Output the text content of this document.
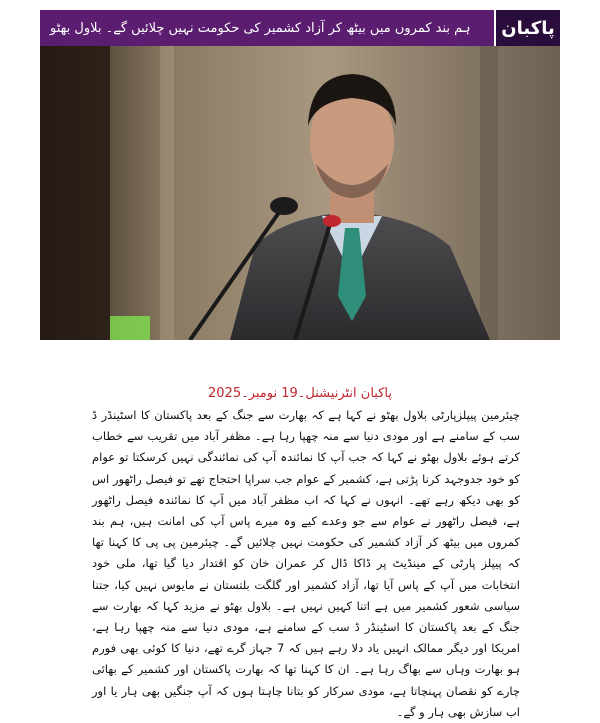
ہم بند کمروں میں بیٹھ کر آزاد کشمیر کی حکومت نہیں چلائیں گے۔ بلاول بھٹو پاکبان
پاکبان انٹرنیشنل۔19 نومبر۔2025

چیئرمین پیپلزپارٹی بلاول بھٹو نے کہا ہے کہ بھارت سے جنگ کے بعد پاکستان کا اسٹینڈر ڈ سب کے سامنے ہے اور مودی دنیا سے منہ چھپا رہا ہے۔ مظفر آباد میں تقریب سے خطاب کرتے ہوئے بلاول بھٹو نے کہا کہ جب آپ کا نمائندہ آپ کی نمائندگی نہیں کرسکتا تو عوام کو خود جدوجہد کرنا پڑتی ہے، کشمیر کے عوام جب سراپا احتجاج تھے تو فیصل راٹھور اس کو بھی دیکھ رہے تھے۔ انہوں نے کہا کہ اب مظفر آباد میں آپ کا نمائندہ فیصل راٹھور ہے، فیصل راٹھور نے عوام سے جو وعدے کیے وہ میرے پاس آپ کی امانت ہیں، ہم بند کمروں میں بیٹھ کر آزاد کشمیر کی حکومت نہیں چلائیں گے۔ چیئرمین پی پی کا کہنا تھا کہ پیپلز پارٹی کے مینڈیٹ پر ڈاکا ڈال کر عمران خان کو اقتدار دیا گیا تھا، ملی خود انتخابات میں آپ کے پاس آیا تھا، آزاد کشمیر اور گلگت بلتستان نے مایوس نہیں کیا، جتنا سیاسی شعور کشمیر میں ہے اتنا کہیں نہیں ہے۔ بلاول بھٹو نے مزید کہا کہ بھارت سے جنگ کے بعد پاکستان کا اسٹینڈر ڈ سب کے سامنے ہے، مودی دنیا سے منہ چھپا رہا ہے، امریکا اور دیگر ممالک انہیں یاد دلا رہے ہیں کہ 7 جہاز گرے تھے، دنیا کا کوئی بھی فورم ہو بھارت وہاں سے بھاگ رہا ہے۔ ان کا کہنا تھا کہ بھارت پاکستان اور کشمیر کے بھائی چارے کو نقصان پہنچاتا ہے، مودی سرکار کو بتانا چاہتا ہوں کہ آپ جنگیں بھی ہار یا اور اب سازش بھی ہار و گے۔
